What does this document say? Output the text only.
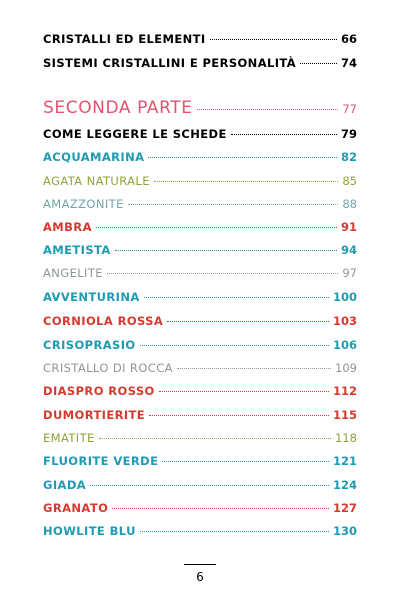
CRISTALLI ED ELEMENTI	66
SISTEMI CRISTALLINI E PERSONALITÀ	74
SECONDA PARTE	77
COME LEGGERE LE SCHEDE	79
ACQUAMARINA	82
AGATA NATURALE	85
AMAZZONITE	88
AMBRA	91
AMETISTA	94
ANGELITE	97
AVVENTURINA	100
CORNIOLA ROSSA	103
CRISOPRASIO	106
CRISTALLO DI ROCCA	109
DIASPRO ROSSO	112
DUMORTIERITE	115
EMATITE	118
FLUORITE VERDE	121
GIADA	124
GRANATO	127
HOWLITE BLU	130
6
